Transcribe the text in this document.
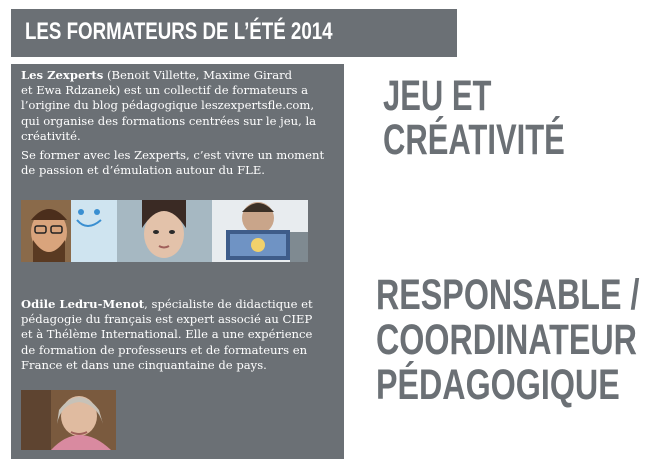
LES FORMATEURS DE L’ÉTÉ 2014

Les Zexperts (Benoit Villette, Maxime Girard
et Ewa Rdzanek) est un collectif de formateurs a
l’origine du blog pédagogique leszexpertsfle.com,
qui organise des formations centrées sur le jeu, la
créativité.

Se former avec les Zexperts, c’est vivre un moment
de passion et d’émulation autour du FLE.

Odile Ledru-Menot, spécialiste de didactique et
pédagogie du français est expert associé au CIEP
et à Thélème International. Elle a une expérience
de formation de professeurs et de formateurs en
France et dans une cinquantaine de pays.

JEU ET
CRÉATIVITÉ
RESPONSABLE /
COORDINATEUR
PÉDAGOGIQUE
